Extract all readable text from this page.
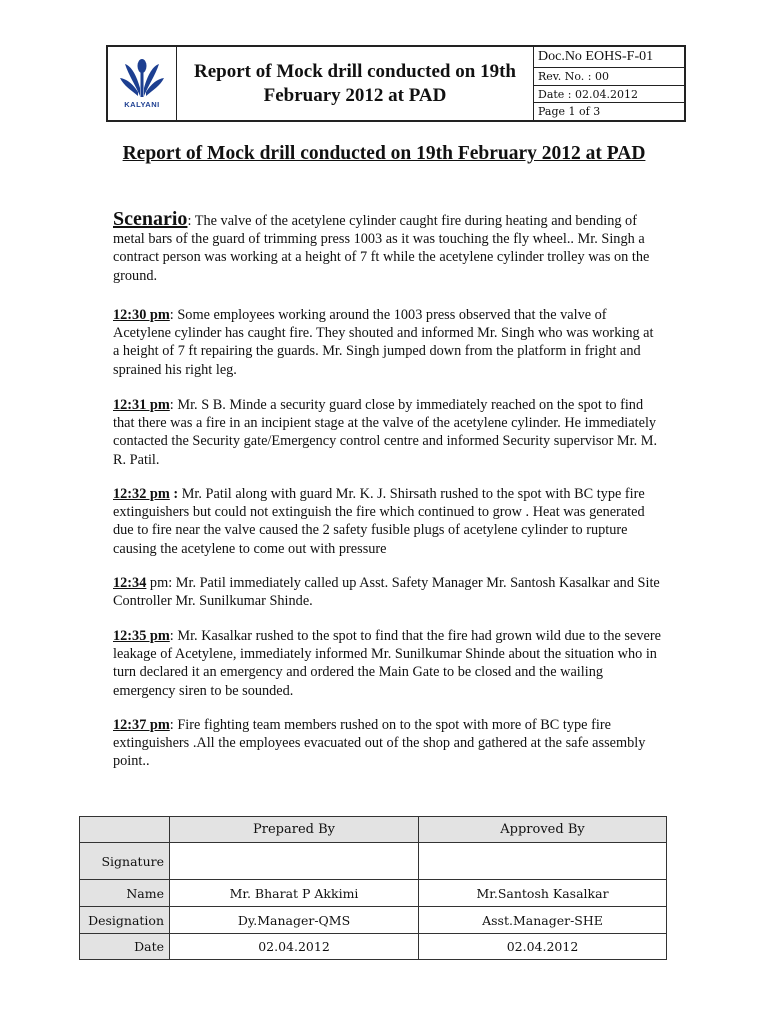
KALYANI
Report of Mock drill conducted on 19th February 2012 at PAD
Doc.No EOHS-F-01
Rev. No. : 00
Date : 02.04.2012
Page 1 of 3
Report of Mock drill conducted on 19th February 2012 at PAD

Scenario: The valve of the acetylene cylinder caught fire during heating and bending of metal bars of the guard of trimming press 1003 as it was touching the fly wheel.. Mr. Singh a contract person was working at a height of 7 ft while the acetylene cylinder trolley was on the ground.

12:30 pm: Some employees working around the 1003 press observed that the valve of Acetylene cylinder has caught fire. They shouted and informed Mr. Singh who was working at a height of 7 ft repairing the guards. Mr. Singh jumped down from the platform in fright and sprained his right leg.

12:31 pm: Mr. S B. Minde a security guard close by immediately reached on the spot to find that there was a fire in an incipient stage at the valve of the acetylene cylinder. He immediately contacted the Security gate/Emergency control centre and informed Security supervisor Mr. M. R. Patil.

12:32 pm : Mr. Patil along with guard Mr. K. J. Shirsath rushed to the spot with BC type fire extinguishers but could not extinguish the fire which continued to grow . Heat was generated due to fire near the valve caused the 2 safety fusible plugs of acetylene cylinder to rupture causing the acetylene to come out with pressure

12:34 pm: Mr. Patil immediately called up Asst. Safety Manager Mr. Santosh Kasalkar and Site Controller Mr. Sunilkumar Shinde.

12:35 pm: Mr. Kasalkar rushed to the spot to find that the fire had grown wild due to the severe leakage of Acetylene, immediately informed Mr. Sunilkumar Shinde about the situation who in turn declared it an emergency and ordered the Main Gate to be closed and the wailing emergency siren to be sounded.

12:37 pm: Fire fighting team members rushed on to the spot with more of BC type fire extinguishers .All the employees evacuated out of the shop and gathered at the safe assembly point..

	Prepared By	Approved By
Signature		
Name	Mr. Bharat P Akkimi	Mr.Santosh Kasalkar
Designation	Dy.Manager-QMS	Asst.Manager-SHE
Date	02.04.2012	02.04.2012
